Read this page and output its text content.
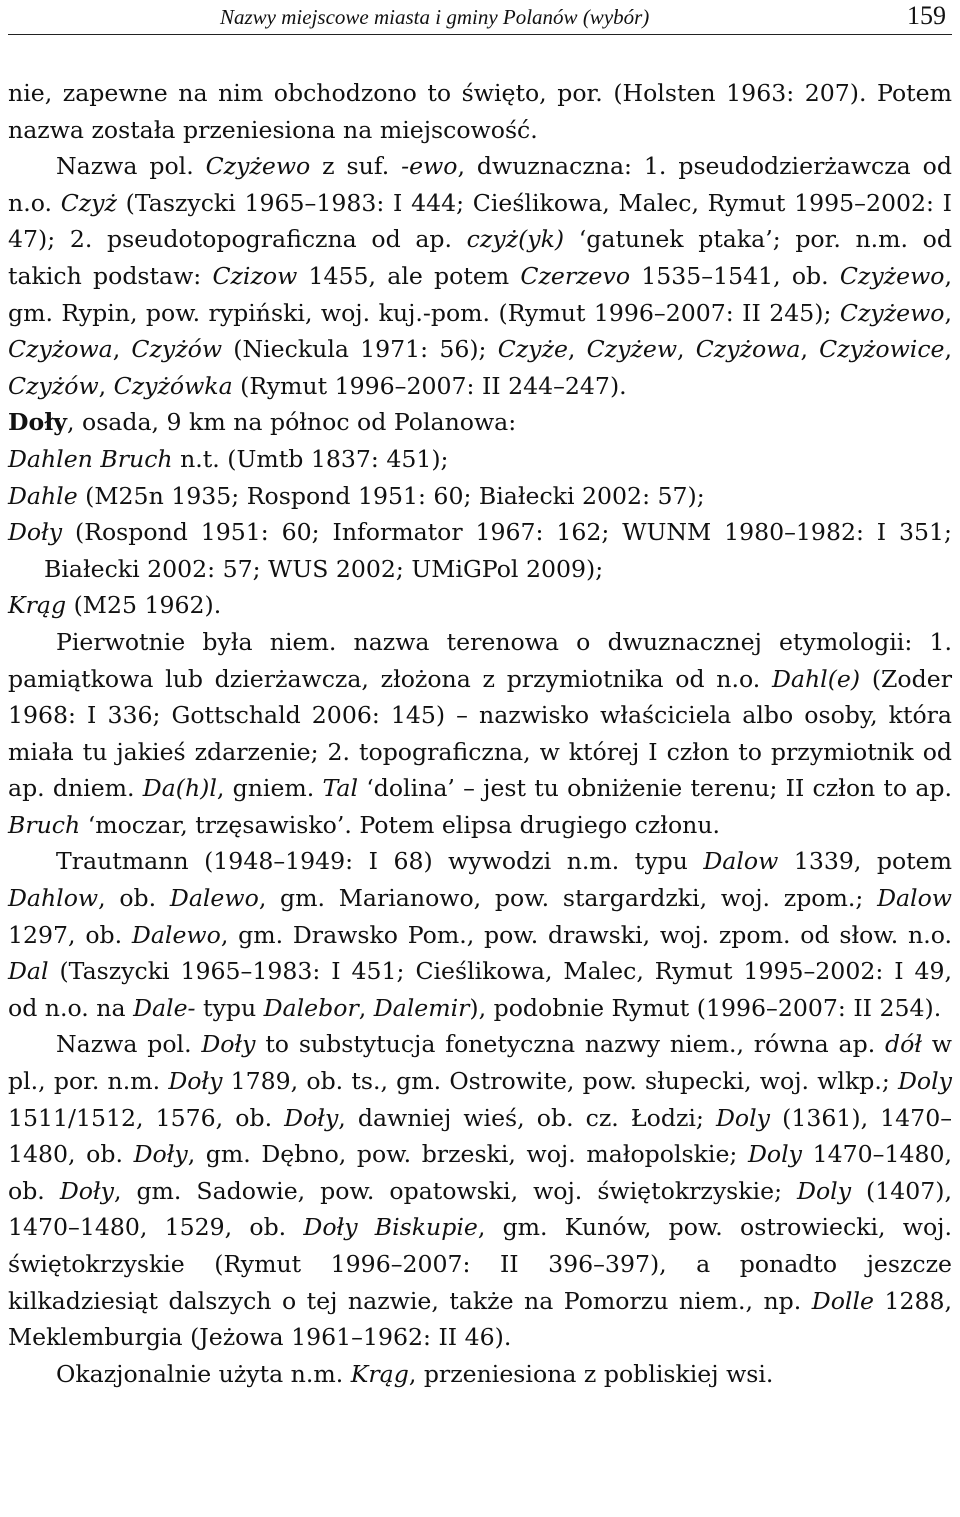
Nazwy miejscowe miasta i gminy Polanów (wybór)	159

nie, zapewne na nim obchodzono to święto, por. (Holsten 1963: 207). Potem nazwa została przeniesiona na miejscowość.

Nazwa pol. Czyżewo z suf. -ewo, dwuznaczna: 1. pseudodzierżawcza od n.o. Czyż (Taszycki 1965–1983: I 444; Cieślikowa, Malec, Rymut 1995–2002: I 47); 2. pseudotopograficzna od ap. czyż(yk) ‘gatunek ptaka’; por. n.m. od takich podstaw: Czizow 1455, ale potem Czerzevo 1535–1541, ob. Czyżewo, gm. Rypin, pow. rypiński, woj. kuj.-pom. (Rymut 1996–2007: II 245); Czyżewo, Czyżowa, Czyżów (Nieckula 1971: 56); Czyże, Czyżew, Czyżowa, Czyżowice, Czyżów, Czyżówka (Rymut 1996–2007: II 244–247).

Doły, osada, 9 km na północ od Polanowa:

Dahlen Bruch n.t. (Umtb 1837: 451);

Dahle (M25n 1935; Rospond 1951: 60; Białecki 2002: 57);

Doły (Rospond 1951: 60; Informator 1967: 162; WUNM 1980–1982: I 351; Białecki 2002: 57; WUS 2002; UMiGPol 2009);

Krąg (M25 1962).

Pierwotnie była niem. nazwa terenowa o dwuznacznej etymologii: 1. pamiątkowa lub dzierżawcza, złożona z przymiotnika od n.o. Dahl(e) (Zoder 1968: I 336; Gottschald 2006: 145) – nazwisko właściciela albo osoby, która miała tu jakieś zdarzenie; 2. topograficzna, w której I człon to przymiotnik od ap. dniem. Da(h)l, gniem. Tal ‘dolina’ – jest tu obniżenie terenu; II człon to ap. Bruch ‘moczar, trzęsawisko’. Potem elipsa drugiego członu.

Trautmann (1948–1949: I 68) wywodzi n.m. typu Dalow 1339, potem Dahlow, ob. Dalewo, gm. Marianowo, pow. stargardzki, woj. zpom.; Dalow 1297, ob. Dalewo, gm. Drawsko Pom., pow. drawski, woj. zpom. od słow. n.o. Dal (Taszycki 1965–1983: I 451; Cieślikowa, Malec, Rymut 1995–2002: I 49, od n.o. na Dale- typu Dalebor, Dalemir), podobnie Rymut (1996–2007: II 254).

Nazwa pol. Doły to substytucja fonetyczna nazwy niem., równa ap. dół w pl., por. n.m. Doły 1789, ob. ts., gm. Ostrowite, pow. słupecki, woj. wlkp.; Doly 1511/1512, 1576, ob. Doły, dawniej wieś, ob. cz. Łodzi; Doly (1361), 1470–1480, ob. Doły, gm. Dębno, pow. brzeski, woj. małopolskie; Doly 1470–1480, ob. Doły, gm. Sadowie, pow. opatowski, woj. świętokrzyskie; Doly (1407), 1470–1480, 1529, ob. Doły Biskupie, gm. Kunów, pow. ostrowiecki, woj. świętokrzyskie (Rymut 1996–2007: II 396–397), a ponadto jeszcze kilkadziesiąt dalszych o tej nazwie, także na Pomorzu niem., np. Dolle 1288, Meklemburgia (Jeżowa 1961–1962: II 46).

Okazjonalnie użyta n.m. Krąg, przeniesiona z pobliskiej wsi.
